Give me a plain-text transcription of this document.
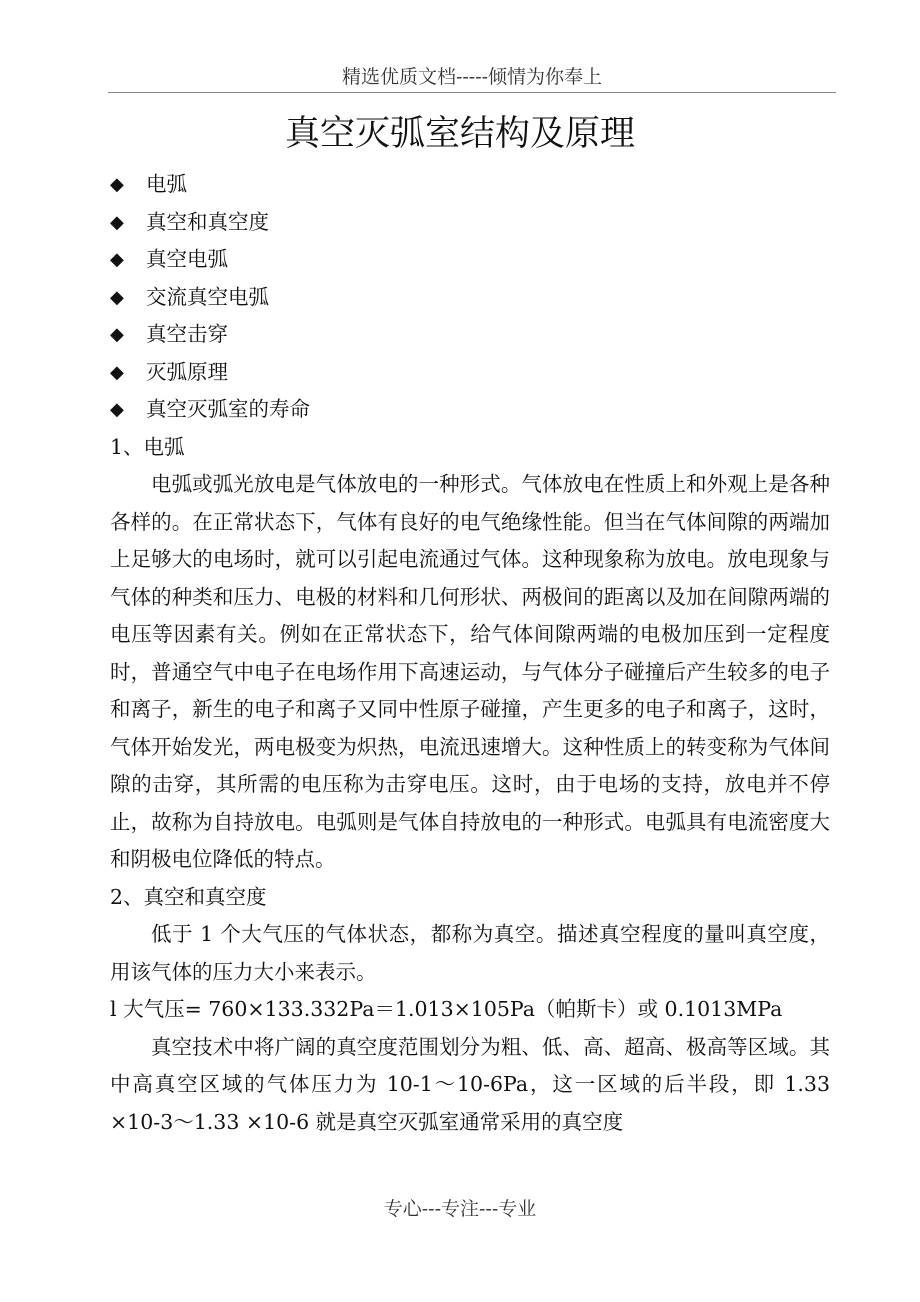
精选优质文档-----倾情为你奉上
真空灭弧室结构及原理
◆	电弧
◆	真空和真空度
◆	真空电弧
◆	交流真空电弧
◆	真空击穿
◆	灭弧原理
◆	真空灭弧室的寿命
1、电弧

电弧或弧光放电是气体放电的一种形式。气体放电在性质上和外观上是各种各样的。在正常状态下，气体有良好的电气绝缘性能。但当在气体间隙的两端加上足够大的电场时，就可以引起电流通过气体。这种现象称为放电。放电现象与气体的种类和压力、电极的材料和几何形状、两极间的距离以及加在间隙两端的电压等因素有关。例如在正常状态下，给气体间隙两端的电极加压到一定程度时，普通空气中电子在电场作用下高速运动，与气体分子碰撞后产生较多的电子和离子，新生的电子和离子又同中性原子碰撞，产生更多的电子和离子，这时，气体开始发光，两电极变为炽热，电流迅速增大。这种性质上的转变称为气体间隙的击穿，其所需的电压称为击穿电压。这时，由于电场的支持，放电并不停止，故称为自持放电。电弧则是气体自持放电的一种形式。电弧具有电流密度大和阴极电位降低的特点。

2、真空和真空度

低于 1 个大气压的气体状态，都称为真空。描述真空程度的量叫真空度，用该气体的压力大小来表示。

l 大气压= 760×133.332Pa＝1.013×105Pa（帕斯卡）或 0.1013MPa

真空技术中将广阔的真空度范围划分为粗、低、高、超高、极高等区域。其中高真空区域的气体压力为 10-1～10-6Pa，这一区域的后半段，即 1.33 ×10-3～1.33 ×10-6 就是真空灭弧室通常采用的真空度

专心---专注---专业
